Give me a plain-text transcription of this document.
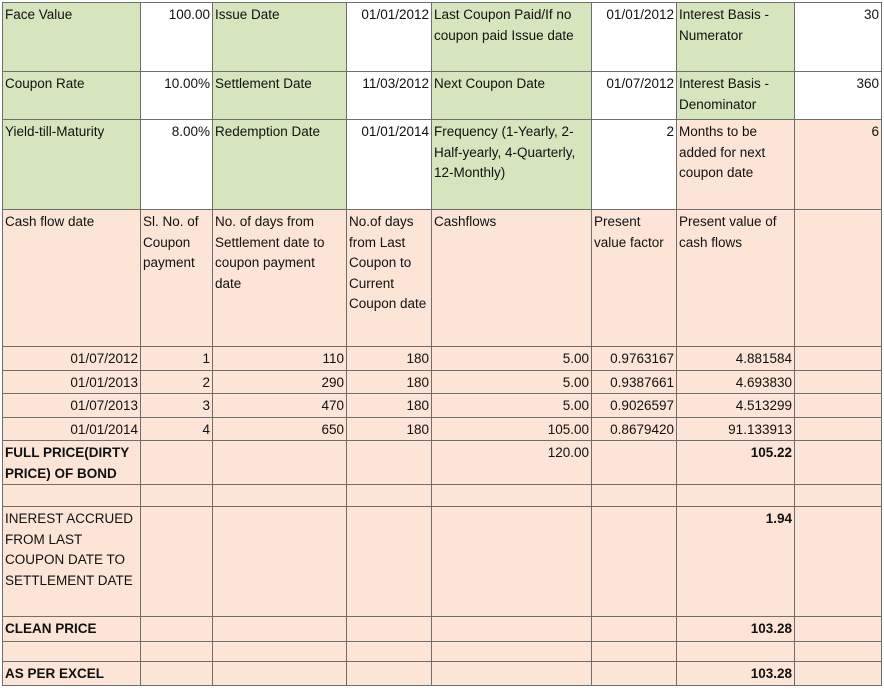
Face Value	100.00	Issue Date	01/01/2012	Last Coupon Paid/If no coupon paid Issue date	01/01/2012	Interest Basis - Numerator	30
Coupon Rate	10.00%	Settlement Date	11/03/2012	Next Coupon Date	01/07/2012	Interest Basis - Denominator	360
Yield-till-Maturity	8.00%	Redemption Date	01/01/2014	Frequency (1-Yearly, 2-Half-yearly, 4-Quarterly, 12-Monthly)	2	Months to be added for next coupon date	6
Cash flow date	Sl. No. of Coupon payment	No. of days from Settlement date to coupon payment date	No.of days from Last Coupon to Current Coupon date	Cashflows	Present value factor	Present value of cash flows	
01/07/2012	1	110	180	5.00	0.9763167	4.881584	
01/01/2013	2	290	180	5.00	0.9387661	4.693830	
01/07/2013	3	470	180	5.00	0.9026597	4.513299	
01/01/2014	4	650	180	105.00	0.8679420	91.133913	
FULL PRICE(DIRTY PRICE) OF BOND				120.00		105.22	

INEREST ACCRUED FROM LAST COUPON DATE TO SETTLEMENT DATE						1.94	
CLEAN PRICE						103.28	

AS PER EXCEL						103.28	
